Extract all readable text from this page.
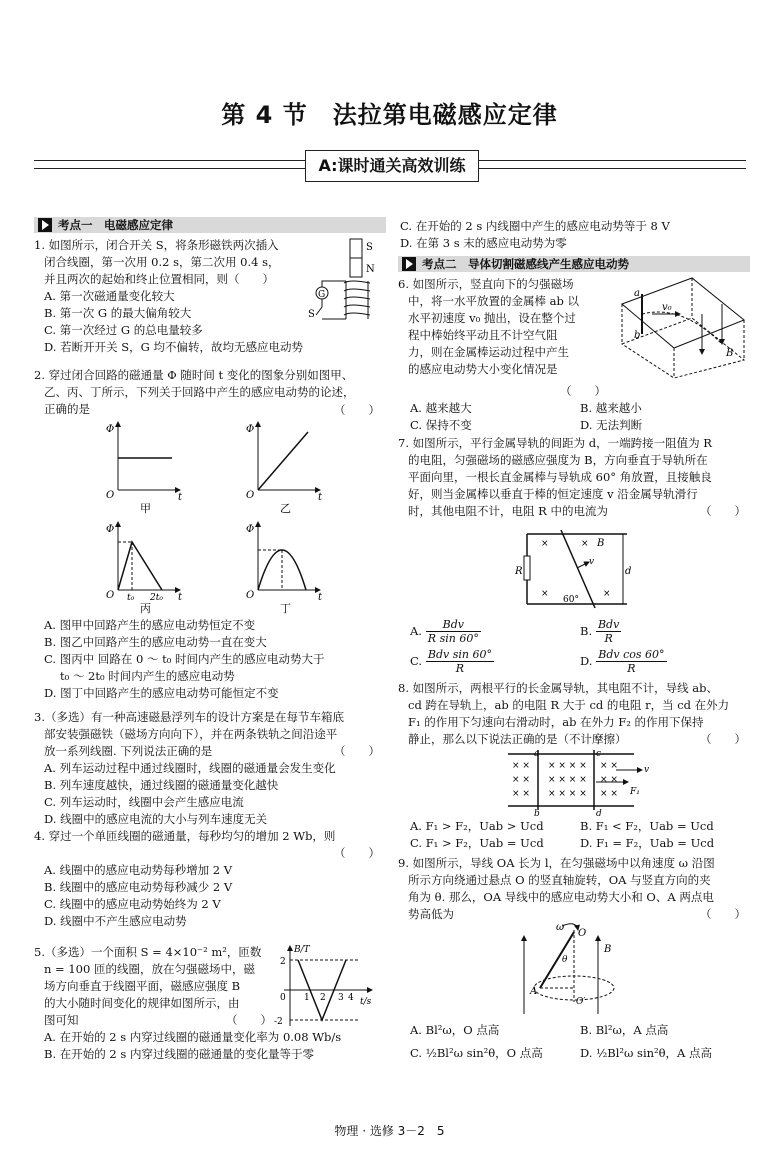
第 4 节　法拉第电磁感应定律
A:课时通关高效训练
考点一　电磁感应定律
1. 如图所示，闭合开关 S，将条形磁铁两次插入
闭合线圈，第一次用 0.2 s，第二次用 0.4 s，
并且两次的起始和终止位置相同，则（　　）
A. 第一次磁通量变化较大
B. 第一次 G 的最大偏角较大
C. 第一次经过 G 的总电量较多
D. 若断开开关 S，G 均不偏转，故均无感应电动势
S
N
G
S
2. 穿过闭合回路的磁通量 Φ 随时间 t 变化的图象分别如图甲、
乙、丙、丁所示，下列关于回路中产生的感应电动势的论述，
正确的是	（　　）
Φ
O	t
甲
Φ
O	t
乙
Φ
O t₀ 2t₀ t
丙
Φ
O	t
丁
A. 图甲中回路产生的感应电动势恒定不变
B. 图乙中回路产生的感应电动势一直在变大
C. 图丙中 回路在 0 ～ t₀ 时间内产生的感应电动势大于
t₀ ～ 2t₀ 时间内产生的感应电动势
D. 图丁中回路产生的感应电动势可能恒定不变
3.（多选）有一种高速磁悬浮列车的设计方案是在每节车箱底
部安装强磁铁（磁场方向向下），并在两条铁轨之间沿途平
放一系列线圈. 下列说法正确的是
A. 列车运动过程中通过线圈时，线圈的磁通量会发生变化
B. 列车速度越快，通过线圈的磁通量变化越快
C. 列车运动时，线圈中会产生感应电流
D. 线圈中的感应电流的大小与列车速度无关
（　　）
4. 穿过一个单匝线圈的磁通量，每秒均匀的增加 2 Wb，则
A. 线圈中的感应电动势每秒增加 2 V
B. 线圈中的感应电动势每秒减少 2 V
C. 线圈中的感应电动势始终为 2 V
D. 线圈中不产生感应电动势
（　　）
5.（多选）一个面积 S = 4×10⁻² m²，匝数
n = 100 匝的线圈，放在匀强磁场中，磁
场方向垂直于线圈平面，磁感应强度 B
的大小随时间变化的规律如图所示，由
图可知	（　　）
A. 在开始的 2 s 内穿过线圈的磁通量变化率为 0.08 Wb/s
B. 在开始的 2 s 内穿过线圈的磁通量的变化量等于零
B/T
t/s
2
-2
0 1 2 3 4
C. 在开始的 2 s 内线圈中产生的感应电动势等于 8 V
D. 在第 3 s 末的感应电动势为零
考点二　导体切割磁感线产生感应电动势
6. 如图所示，竖直向下的匀强磁场
中，将一水平放置的金属棒 ab 以
水平初速度 v₀ 抛出，设在整个过
程中棒始终平动且不计空气阻
力，则在金属棒运动过程中产生
的感应电动势大小变化情况是
（　　）
A. 越来越大	B. 越来越小
C. 保持不变	D. 无法判断
a
b
v₀
B
7. 如图所示，平行金属导轨的间距为 d，一端跨接一阻值为 R
的电阻，匀强磁场的磁感应强度为 B，方向垂直于导轨所在
平面向里，一根长直金属棒与导轨成 60° 角放置，且接触良
好，则当金属棒以垂直于棒的恒定速度 v 沿金属导轨滑行
时，其他电阻不计，电阻 R 中的电流为	（　　）
×	×
×	×
R
B
v
d
60°
A.	Bdv
R sin 60°
B. Bdv
R
C. Bdv sin 60°
R
D. Bdv cos 60°
R
8. 如图所示，两根平行的长金属导轨，其电阻不计，导线 ab、
cd 跨在导轨上，ab 的电阻 R 大于 cd 的电阻 r，当 cd 在外力
F₁ 的作用下匀速向右滑动时，ab 在外力 F₂ 的作用下保持
静止，那么以下说法正确的是（不计摩擦）	（　　）
× × × × × × × ×
× × × × × × × ×
× × × × × × × ×
a
b
c
d
v
F₁
A. F₁ > F₂，Uab > Ucd	B. F₁ < F₂，Uab = Ucd
C. F₁ > F₂，Uab = Ucd	D. F₁ = F₂，Uab = Ucd
9. 如图所示，导线 OA 长为 l，在匀强磁场中以角速度 ω 沿图
所示方向绕通过悬点 O 的竖直轴旋转，OA 与竖直方向的夹
角为 θ. 那么，OA 导线中的感应电动势大小和 O、A 两点电
势高低为	（　　）
O
A
B
ω
θ
O′
A. Bl²ω，O 点高	B. Bl²ω，A 点高
C. ½Bl²ω sin²θ，O 点高	D. ½Bl²ω sin²θ，A 点高
物理 · 选修 3－2　5
